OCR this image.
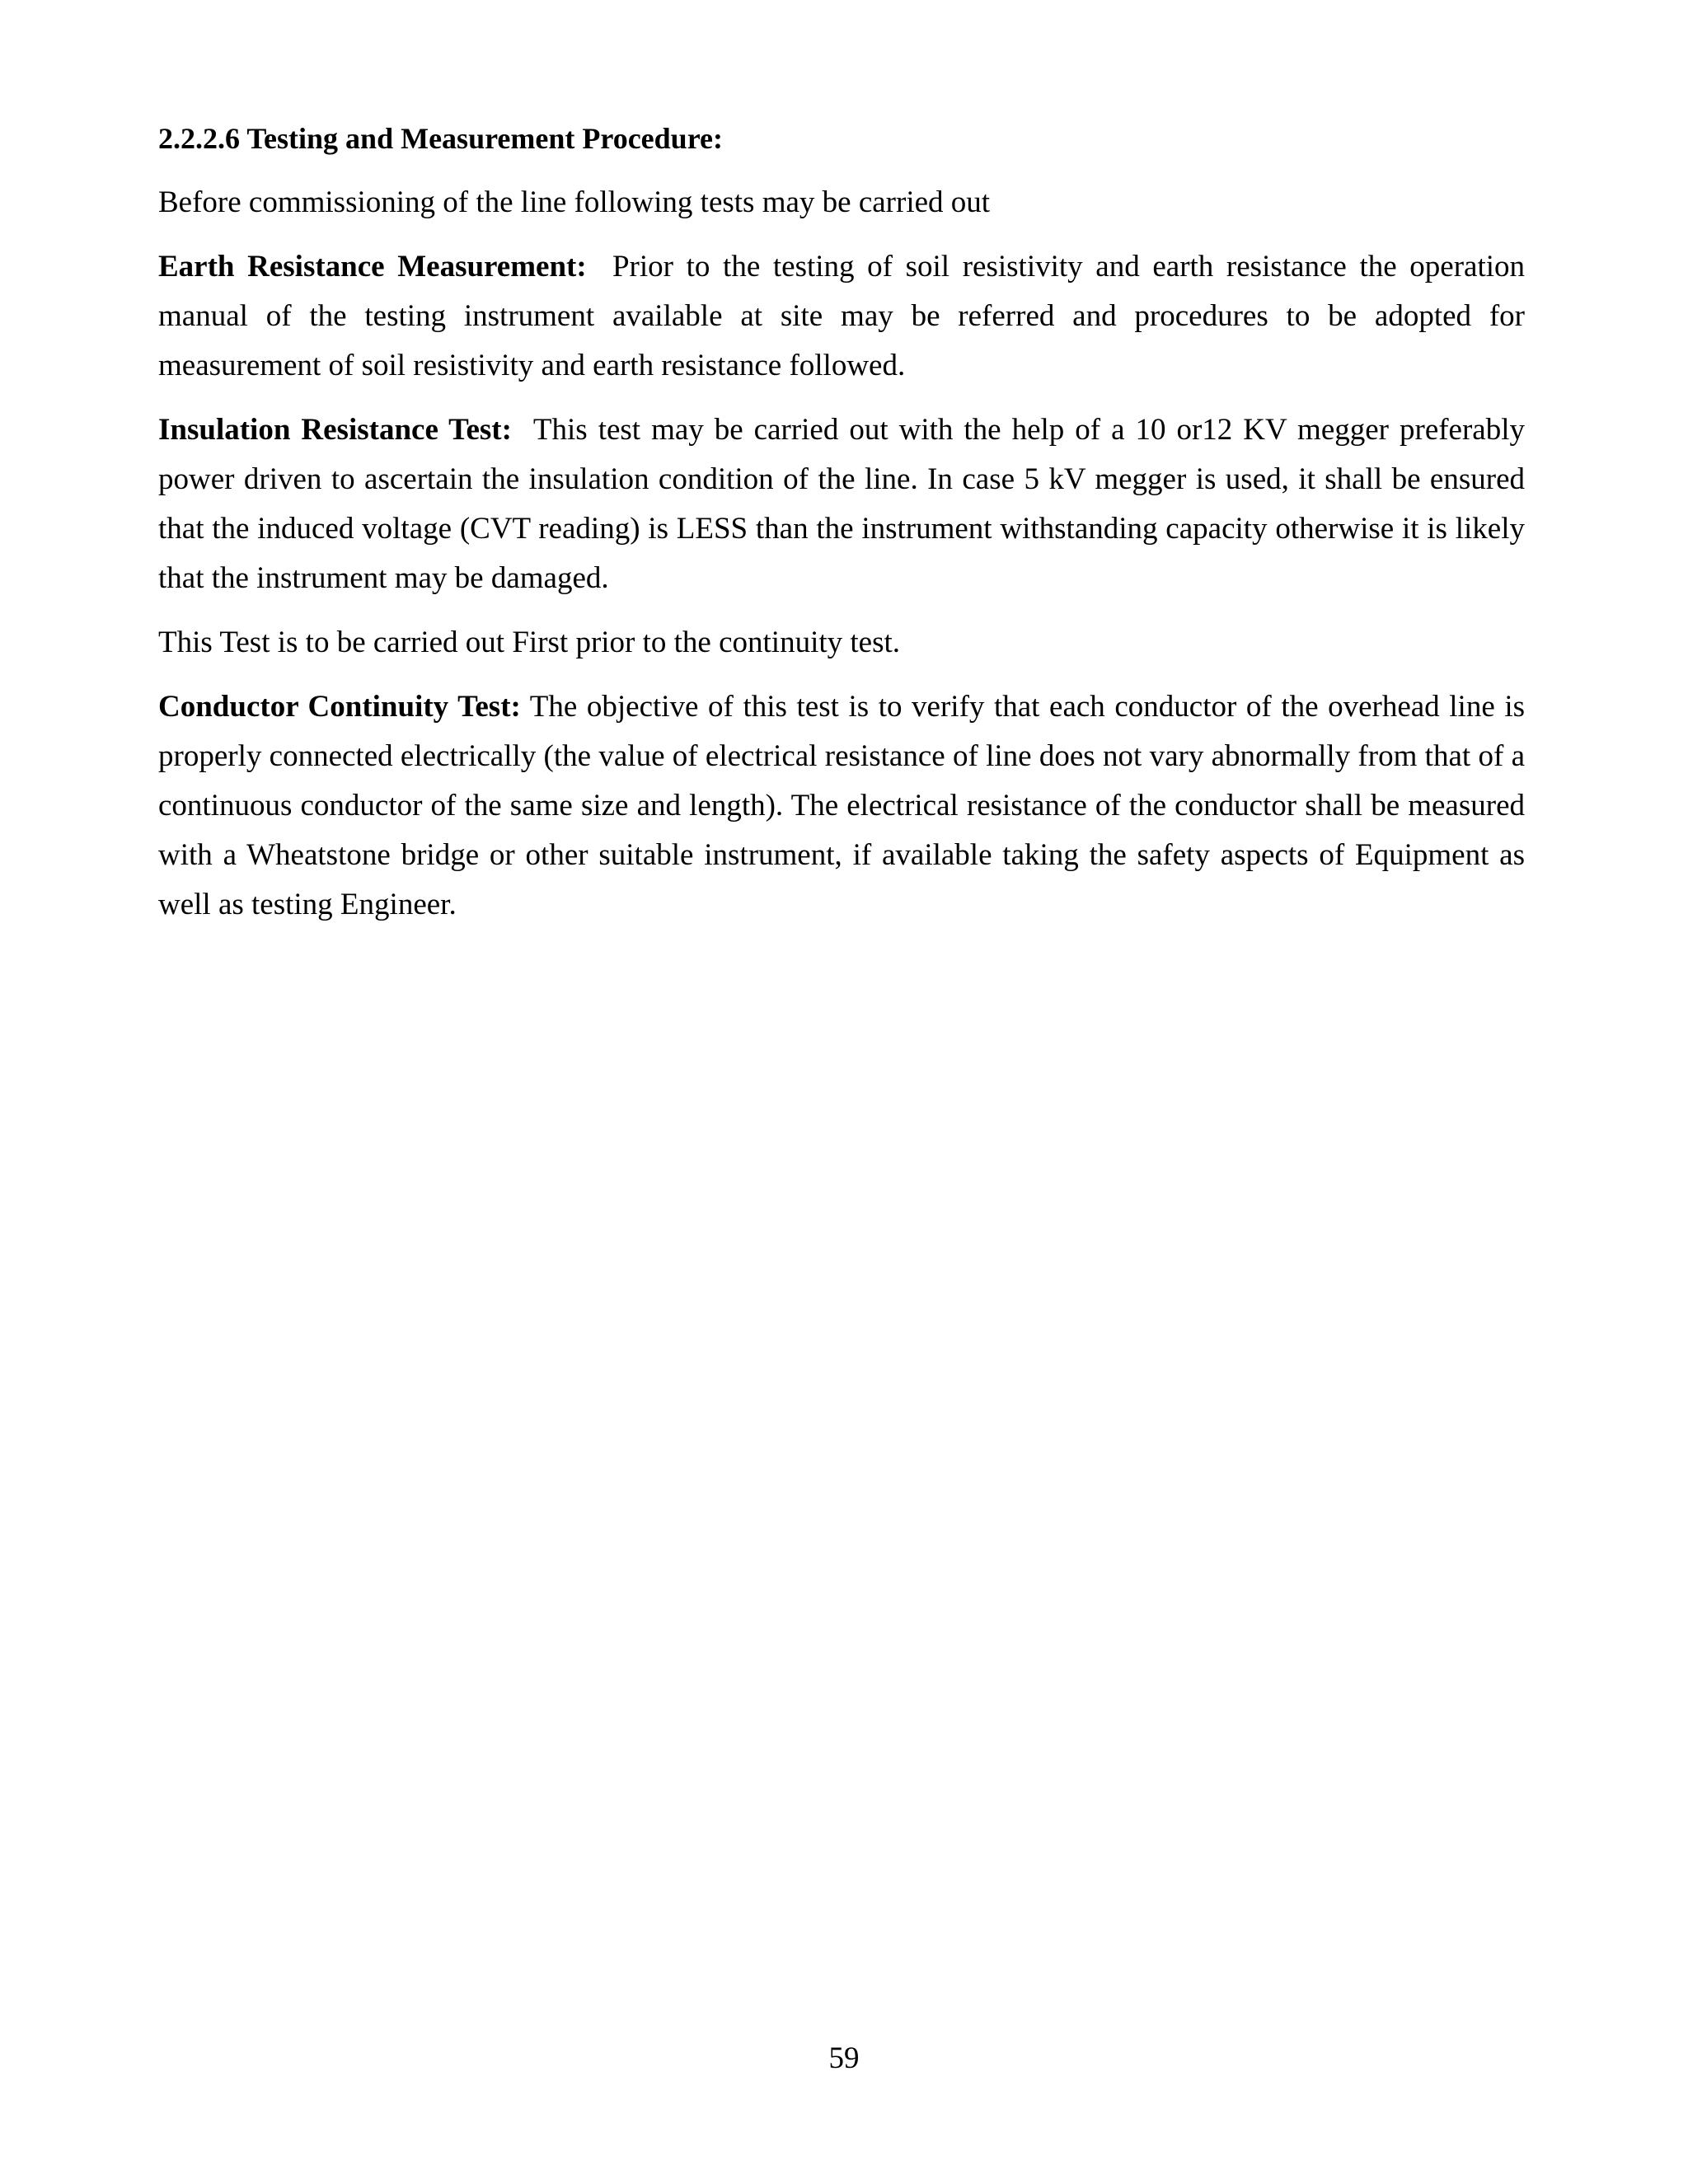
2.2.2.6 Testing and Measurement Procedure:

Before commissioning of the line following tests may be carried out

Earth Resistance Measurement: Prior to the testing of soil resistivity and earth resistance the operation manual of the testing instrument available at site may be referred and procedures to be adopted for measurement of soil resistivity and earth resistance followed.

Insulation Resistance Test: This test may be carried out with the help of a 10 or12 KV megger preferably power driven to ascertain the insulation condition of the line. In case 5 kV megger is used, it shall be ensured that the induced voltage (CVT reading) is LESS than the instrument withstanding capacity otherwise it is likely that the instrument may be damaged.

This Test is to be carried out First prior to the continuity test.

Conductor Continuity Test: The objective of this test is to verify that each conductor of the overhead line is properly connected electrically (the value of electrical resistance of line does not vary abnormally from that of a continuous conductor of the same size and length). The electrical resistance of the conductor shall be measured with a Wheatstone bridge or other suitable instrument, if available taking the safety aspects of Equipment as well as testing Engineer.

59
